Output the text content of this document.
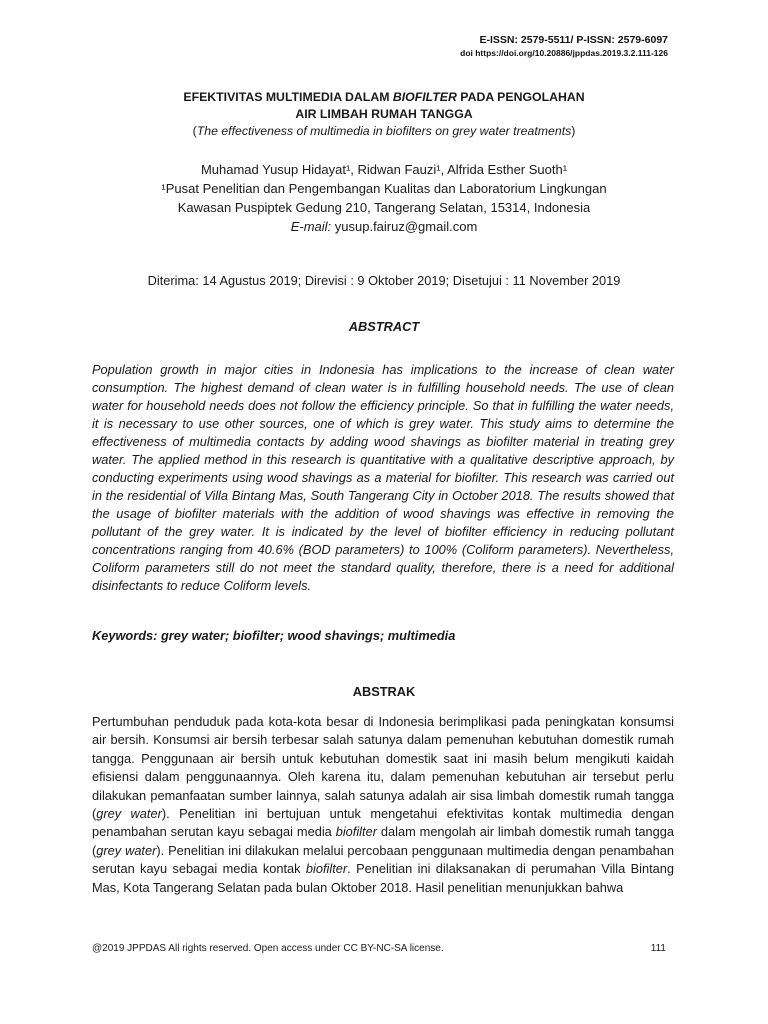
E-ISSN: 2579-5511/ P-ISSN: 2579-6097
doi https://doi.org/10.20886/jppdas.2019.3.2.111-126
EFEKTIVITAS MULTIMEDIA DALAM BIOFILTER PADA PENGOLAHAN
AIR LIMBAH RUMAH TANGGA
(The effectiveness of multimedia in biofilters on grey water treatments)
Muhamad Yusup Hidayat¹, Ridwan Fauzi¹, Alfrida Esther Suoth¹
¹Pusat Penelitian dan Pengembangan Kualitas dan Laboratorium Lingkungan
Kawasan Puspiptek Gedung 210, Tangerang Selatan, 15314, Indonesia
E-mail: yusup.fairuz@gmail.com
Diterima: 14 Agustus 2019; Direvisi : 9 Oktober 2019; Disetujui : 11 November 2019
ABSTRACT
Population growth in major cities in Indonesia has implications to the increase of clean water consumption. The highest demand of clean water is in fulfilling household needs. The use of clean water for household needs does not follow the efficiency principle. So that in fulfilling the water needs, it is necessary to use other sources, one of which is grey water. This study aims to determine the effectiveness of multimedia contacts by adding wood shavings as biofilter material in treating grey water. The applied method in this research is quantitative with a qualitative descriptive approach, by conducting experiments using wood shavings as a material for biofilter. This research was carried out in the residential of Villa Bintang Mas, South Tangerang City in October 2018. The results showed that the usage of biofilter materials with the addition of wood shavings was effective in removing the pollutant of the grey water. It is indicated by the level of biofilter efficiency in reducing pollutant concentrations ranging from 40.6% (BOD parameters) to 100% (Coliform parameters). Nevertheless, Coliform parameters still do not meet the standard quality, therefore, there is a need for additional disinfectants to reduce Coliform levels.
Keywords: grey water; biofilter; wood shavings; multimedia
ABSTRAK
Pertumbuhan penduduk pada kota-kota besar di Indonesia berimplikasi pada peningkatan konsumsi air bersih. Konsumsi air bersih terbesar salah satunya dalam pemenuhan kebutuhan domestik rumah tangga. Penggunaan air bersih untuk kebutuhan domestik saat ini masih belum mengikuti kaidah efisiensi dalam penggunaannya. Oleh karena itu, dalam pemenuhan kebutuhan air tersebut perlu dilakukan pemanfaatan sumber lainnya, salah satunya adalah air sisa limbah domestik rumah tangga (grey water). Penelitian ini bertujuan untuk mengetahui efektivitas kontak multimedia dengan penambahan serutan kayu sebagai media biofilter dalam mengolah air limbah domestik rumah tangga (grey water). Penelitian ini dilakukan melalui percobaan penggunaan multimedia dengan penambahan serutan kayu sebagai media kontak biofilter. Penelitian ini dilaksanakan di perumahan Villa Bintang Mas, Kota Tangerang Selatan pada bulan Oktober 2018. Hasil penelitian menunjukkan bahwa
@2019 JPPDAS All rights reserved. Open access under CC BY-NC-SA license.	111
